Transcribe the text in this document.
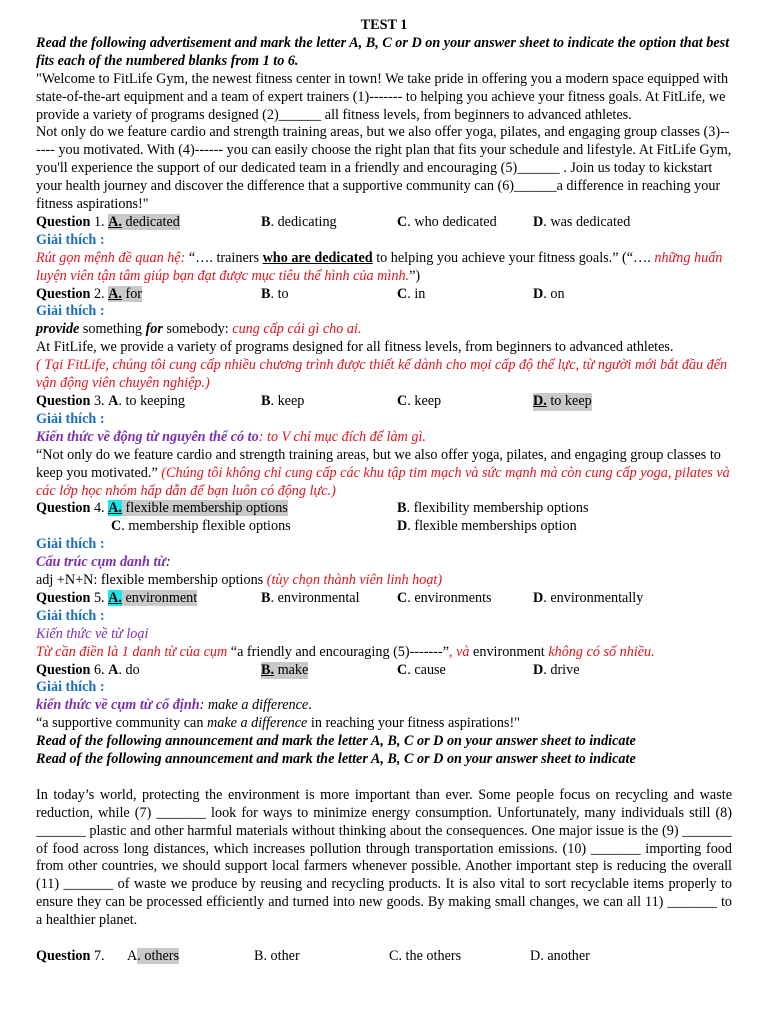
TEST 1
Read the following advertisement and mark the letter A, B, C or D on your answer sheet to indicate the option that best fits each of the numbered blanks from 1 to 6.
"Welcome to FitLife Gym, the newest fitness center in town! We take pride in offering you a modern space equipped with state-of-the-art equipment and a team of expert trainers (1)------- to helping you achieve your fitness goals. At FitLife, we provide a variety of programs designed (2)______ all fitness levels, from beginners to advanced athletes.
Not only do we feature cardio and strength training areas, but we also offer yoga, pilates, and engaging group classes (3)------ you motivated. With (4)------ you can easily choose the right plan that fits your schedule and lifestyle. At FitLife Gym, you'll experience the support of our dedicated team in a friendly and encouraging (5)______ . Join us today to kickstart your health journey and discover the difference that a supportive community can (6)______a difference in reaching your fitness aspirations!"
Question 1. A. dedicated	B. dedicating	C. who dedicated	D. was dedicated
Giải thích :
Rút gọn mệnh đề quan hệ: “…. trainers who are dedicated to helping you achieve your fitness goals.” (“…. những huấn luyện viên tận tâm giúp bạn đạt được mục tiêu thể hình của mình.”)
Question 2. A. for	B. to	C. in	D. on
Giải thích :
provide something for somebody: cung cấp cái gì cho ai.
At FitLife, we provide a variety of programs designed for all fitness levels, from beginners to advanced athletes.
( Tại FitLife, chúng tôi cung cấp nhiều chương trình được thiết kế dành cho mọi cấp độ thể lực, từ người mới bắt đầu đến vận động viên chuyên nghiệp.)
Question 3. A. to keeping	B. keep	C. keep	D. to keep
Giải thích :
Kiến thức về động từ nguyên thể có to: to V chỉ mục đích để làm gì.
“Not only do we feature cardio and strength training areas, but we also offer yoga, pilates, and engaging group classes to keep you motivated.” (Chúng tôi không chỉ cung cấp các khu tập tim mạch và sức mạnh mà còn cung cấp yoga, pilates và các lớp học nhóm hấp dẫn để bạn luôn có động lực.)
Question 4. A. flexible membership options	B. flexibility membership options
C. membership flexible options	D. flexible memberships option
Giải thích :
Cấu trúc cụm danh từ:
adj +N+N: flexible membership options (tùy chọn thành viên linh hoạt)
Question 5. A. environment	B. environmental	C. environments	D. environmentally
Giải thích :
Kiến thức về từ loại
Từ cần điền là 1 danh từ của cụm “a friendly and encouraging (5)-------”, và environment không có số nhiều.
Question 6. A. do	B. make	C. cause	D. drive
Giải thích :
kiến thức về cụm từ cố định: make a difference.
“a supportive community can make a difference in reaching your fitness aspirations!"
Read of the following announcement and mark the letter A, B, C or D on your answer sheet to indicate
Read of the following announcement and mark the letter A, B, C or D on your answer sheet to indicate
In today’s world, protecting the environment is more important than ever. Some people focus on recycling and waste reduction, while (7) _______ look for ways to minimize energy consumption. Unfortunately, many individuals still (8) _______ plastic and other harmful materials without thinking about the consequences. One major issue is the (9) _______ of food across long distances, which increases pollution through transportation emissions. (10) _______ importing food from other countries, we should support local farmers whenever possible. Another important step is reducing the overall (11) _______ of waste we produce by reusing and recycling products. It is also vital to sort recyclable items properly to ensure they can be processed efficiently and turned into new goods. By making small changes, we can all 11) _______ to a healthier planet.
Question 7. A. others	B. other	C. the others	D. another
